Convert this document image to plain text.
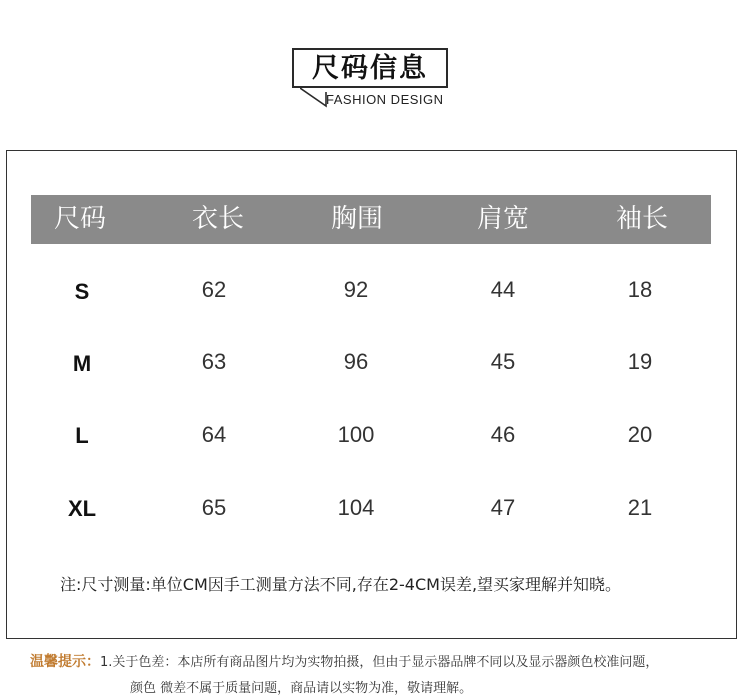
尺码信息
FASHION DESIGN
尺码	衣长	胸围	肩宽	袖长
S	62	92	44	18
M	63	96	45	19
L	64	100	46	20
XL	65	104	47	21
注:尺寸测量:单位CM因手工测量方法不同,存在2-4CM误差,望买家理解并知晓。
温馨提示：1.关于色差：本店所有商品图片均为实物拍摄，但由于显示器品牌不同以及显示器颜色校准问题，
颜色 微差不属于质量问题，商品请以实物为准，敬请理解。
